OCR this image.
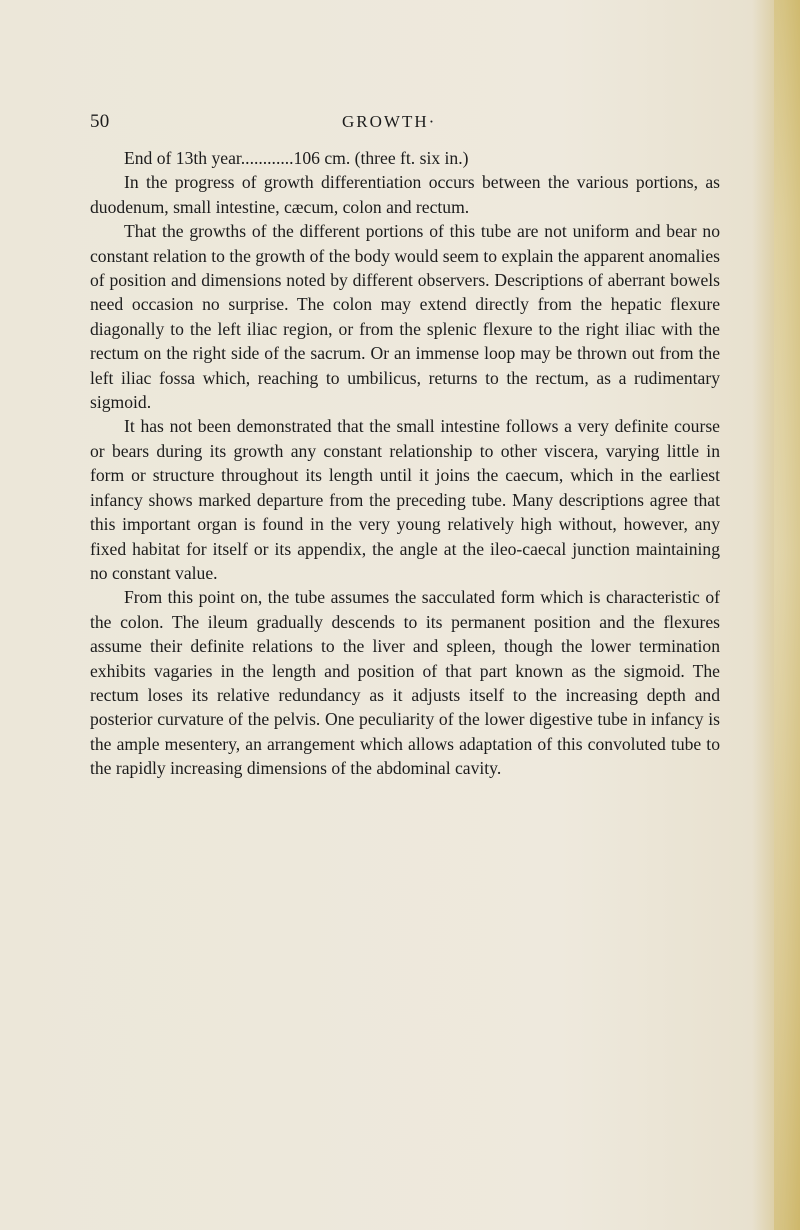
50	GROWTH·

End of 13th year............106 cm. (three ft. six in.)

In the progress of growth differentiation occurs between the various portions, as duodenum, small intestine, cæcum, colon and rectum.

That the growths of the different portions of this tube are not uniform and bear no constant relation to the growth of the body would seem to explain the apparent anomalies of position and dimensions noted by different observers. Descriptions of aberrant bowels need occasion no surprise. The colon may extend directly from the hepatic flexure diagonally to the left iliac region, or from the splenic flexure to the right iliac with the rectum on the right side of the sacrum. Or an immense loop may be thrown out from the left iliac fossa which, reaching to umbilicus, returns to the rectum, as a rudimentary sigmoid.

It has not been demonstrated that the small intestine follows a very definite course or bears during its growth any constant relationship to other viscera, varying little in form or structure throughout its length until it joins the caecum, which in the earliest infancy shows marked departure from the preceding tube. Many descriptions agree that this important organ is found in the very young relatively high without, however, any fixed habitat for itself or its appendix, the angle at the ileo-caecal junction maintaining no constant value.

From this point on, the tube assumes the sacculated form which is characteristic of the colon. The ileum gradually descends to its permanent position and the flexures assume their definite relations to the liver and spleen, though the lower termination exhibits vagaries in the length and position of that part known as the sigmoid. The rectum loses its relative redundancy as it adjusts itself to the increasing depth and posterior curvature of the pelvis. One peculiarity of the lower digestive tube in infancy is the ample mesentery, an arrangement which allows adaptation of this convoluted tube to the rapidly increasing dimensions of the abdominal cavity.
